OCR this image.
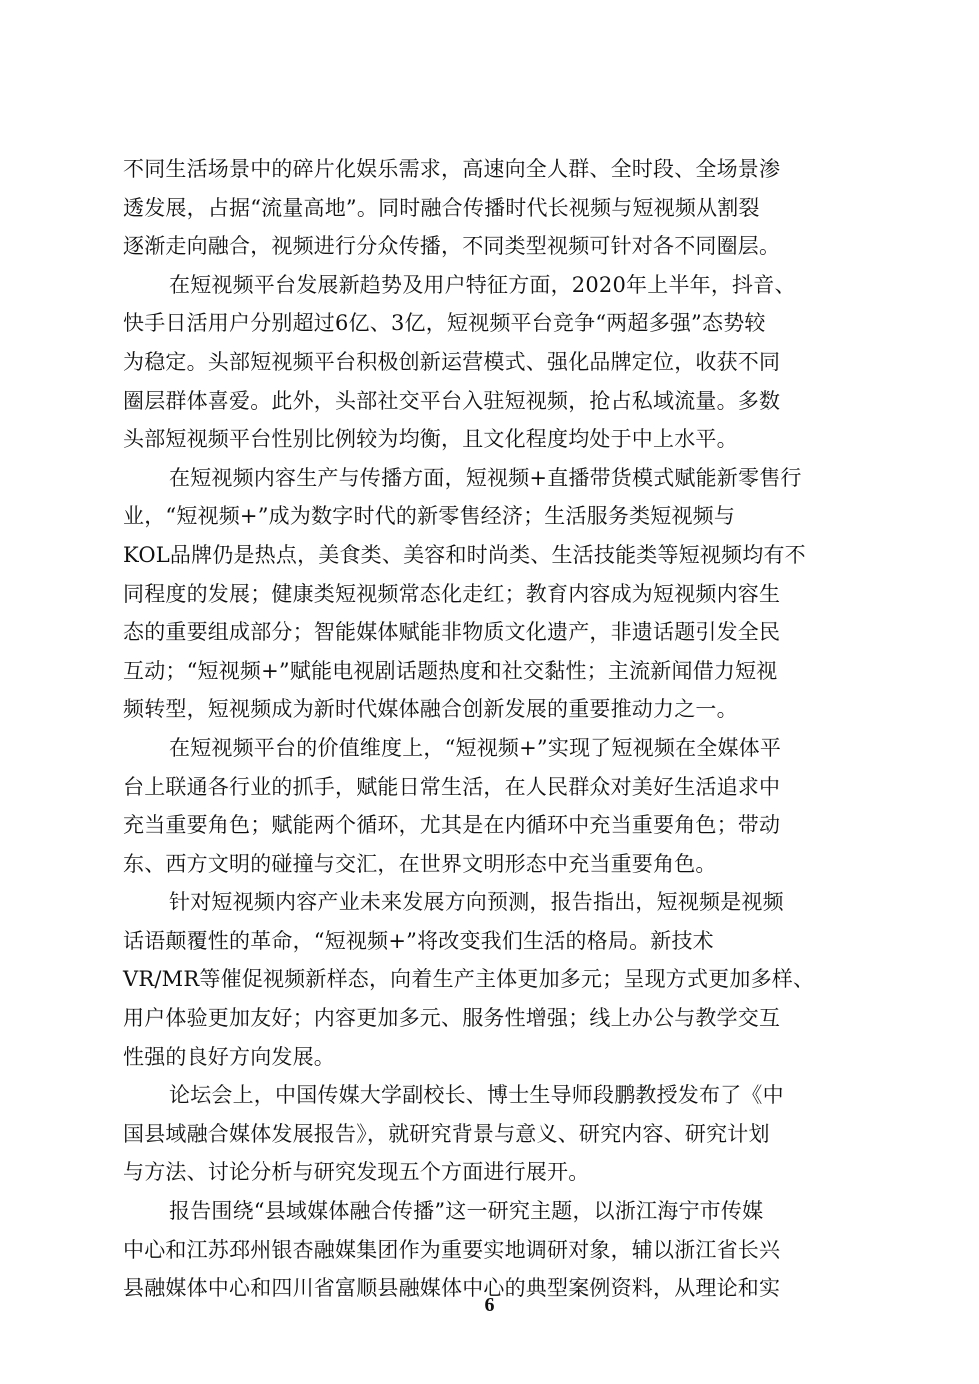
不同生活场景中的碎片化娱乐需求，高速向全人群、全时段、全场景渗
透发展，占据“流量高地”。同时融合传播时代长视频与短视频从割裂
逐渐走向融合，视频进行分众传播，不同类型视频可针对各不同圈层。
在短视频平台发展新趋势及用户特征方面，2020年上半年，抖音、
快手日活用户分别超过6亿、3亿，短视频平台竞争“两超多强”态势较
为稳定。头部短视频平台积极创新运营模式、强化品牌定位，收获不同
圈层群体喜爱。此外，头部社交平台入驻短视频，抢占私域流量。多数
头部短视频平台性别比例较为均衡，且文化程度均处于中上水平。
在短视频内容生产与传播方面，短视频+直播带货模式赋能新零售行
业，“短视频+”成为数字时代的新零售经济；生活服务类短视频与
KOL品牌仍是热点，美食类、美容和时尚类、生活技能类等短视频均有不
同程度的发展；健康类短视频常态化走红；教育内容成为短视频内容生
态的重要组成部分；智能媒体赋能非物质文化遗产，非遗话题引发全民
互动；“短视频+”赋能电视剧话题热度和社交黏性；主流新闻借力短视
频转型，短视频成为新时代媒体融合创新发展的重要推动力之一。
在短视频平台的价值维度上，“短视频+”实现了短视频在全媒体平
台上联通各行业的抓手，赋能日常生活，在人民群众对美好生活追求中
充当重要角色；赋能两个循环，尤其是在内循环中充当重要角色；带动
东、西方文明的碰撞与交汇，在世界文明形态中充当重要角色。
针对短视频内容产业未来发展方向预测，报告指出，短视频是视频
话语颠覆性的革命，“短视频+”将改变我们生活的格局。新技术
VR/MR等催促视频新样态，向着生产主体更加多元；呈现方式更加多样、
用户体验更加友好；内容更加多元、服务性增强；线上办公与教学交互
性强的良好方向发展。
论坛会上，中国传媒大学副校长、博士生导师段鹏教授发布了《中
国县域融合媒体发展报告》，就研究背景与意义、研究内容、研究计划
与方法、讨论分析与研究发现五个方面进行展开。
报告围绕“县域媒体融合传播”这一研究主题，以浙江海宁市传媒
中心和江苏邳州银杏融媒集团作为重要实地调研对象，辅以浙江省长兴
县融媒体中心和四川省富顺县融媒体中心的典型案例资料，从理论和实
6
